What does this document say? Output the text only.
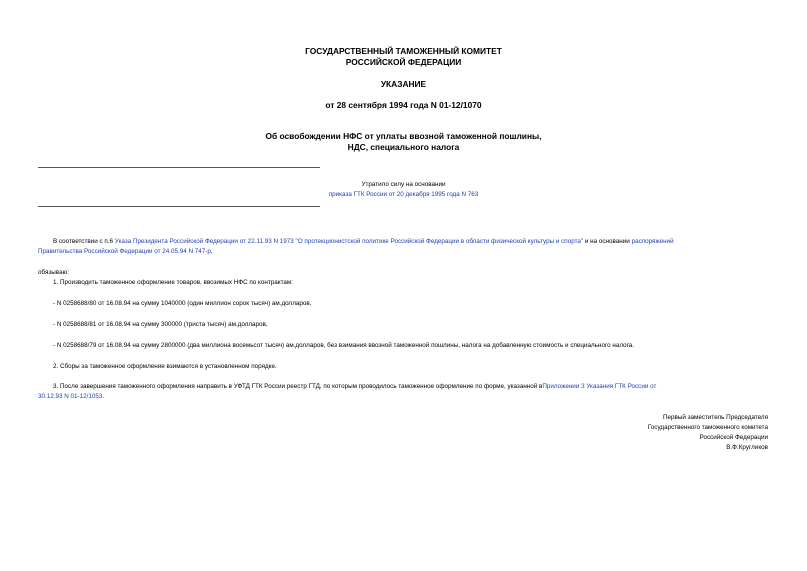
ГОСУДАРСТВЕННЫЙ ТАМОЖЕННЫЙ КОМИТЕТ
РОССИЙСКОЙ ФЕДЕРАЦИИ
УКАЗАНИЕ
от 28 сентября 1994 года N 01-12/1070
Об освобождении НФС от уплаты ввозной таможенной пошлины,
НДС, специального налога
Утратило силу на основании
приказа ГТК России от 20 декабря 1995 года N 763
В соответствии с п.6 Указа Президента Российской Федерации от 22.11.93 N 1973 "О протекционистской политике Российской Федерации в области физической культуры и спорта" и на основании распоряжений
Правительства Российской Федерации от 24.05.94 N 747-р,
обязываю:
1. Производить таможенное оформление товаров, ввозимых НФС по контрактам:
- N 0258688/80 от 16.08.94 на сумму 1040000 (один миллион сорок тысяч) ам.долларов,
- N 0258688/81 от 16.08.94 на сумму 300000 (триста тысяч) ам.долларов,
- N 0258688/79 от 16.08.94 на сумму 2800000 (два миллиона восемьсот тысяч) ам.долларов, без взимания ввозной таможенной пошлины, налога на добавленную стоимость и специального налога.
2. Сборы за таможенное оформление взимаются в установленном порядке.
3. После завершения таможенного оформления направить в УФТД ГТК России реестр ГТД, по которым проводилось таможенное оформление по форме, указанной вПриложении 3 Указания ГТК России от
30.12.93 N 01-12/1053.
Первый заместитель Председателя
Государственного таможенного комитета
Российской Федерации
В.Ф.Кругликов
